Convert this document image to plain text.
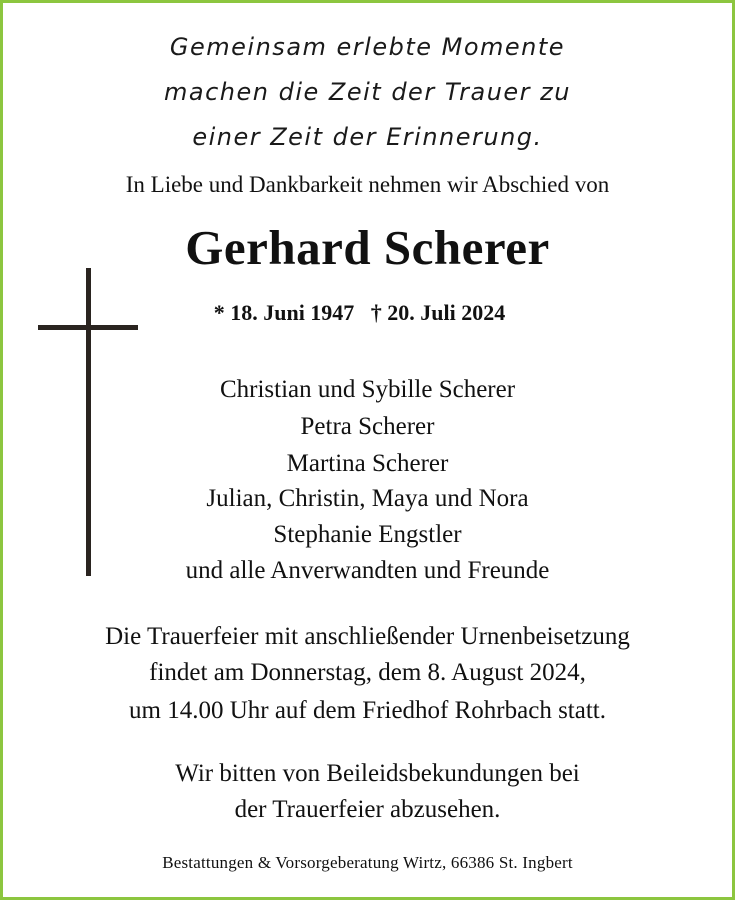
Gemeinsam erlebte Momente
machen die Zeit der Trauer zu
einer Zeit der Erinnerung.
In Liebe und Dankbarkeit nehmen wir Abschied von
Gerhard Scherer
* 18. Juni 1947   † 20. Juli 2024
Christian und Sybille Scherer
Petra Scherer
Martina Scherer
Julian, Christin, Maya und Nora
Stephanie Engstler
und alle Anverwandten und Freunde
Die Trauerfeier mit anschließender Urnenbeisetzung
findet am Donnerstag, dem 8. August 2024,
um 14.00 Uhr auf dem Friedhof Rohrbach statt.
Wir bitten von Beileidsbekundungen bei
der Trauerfeier abzusehen.
Bestattungen & Vorsorgeberatung Wirtz, 66386 St. Ingbert
